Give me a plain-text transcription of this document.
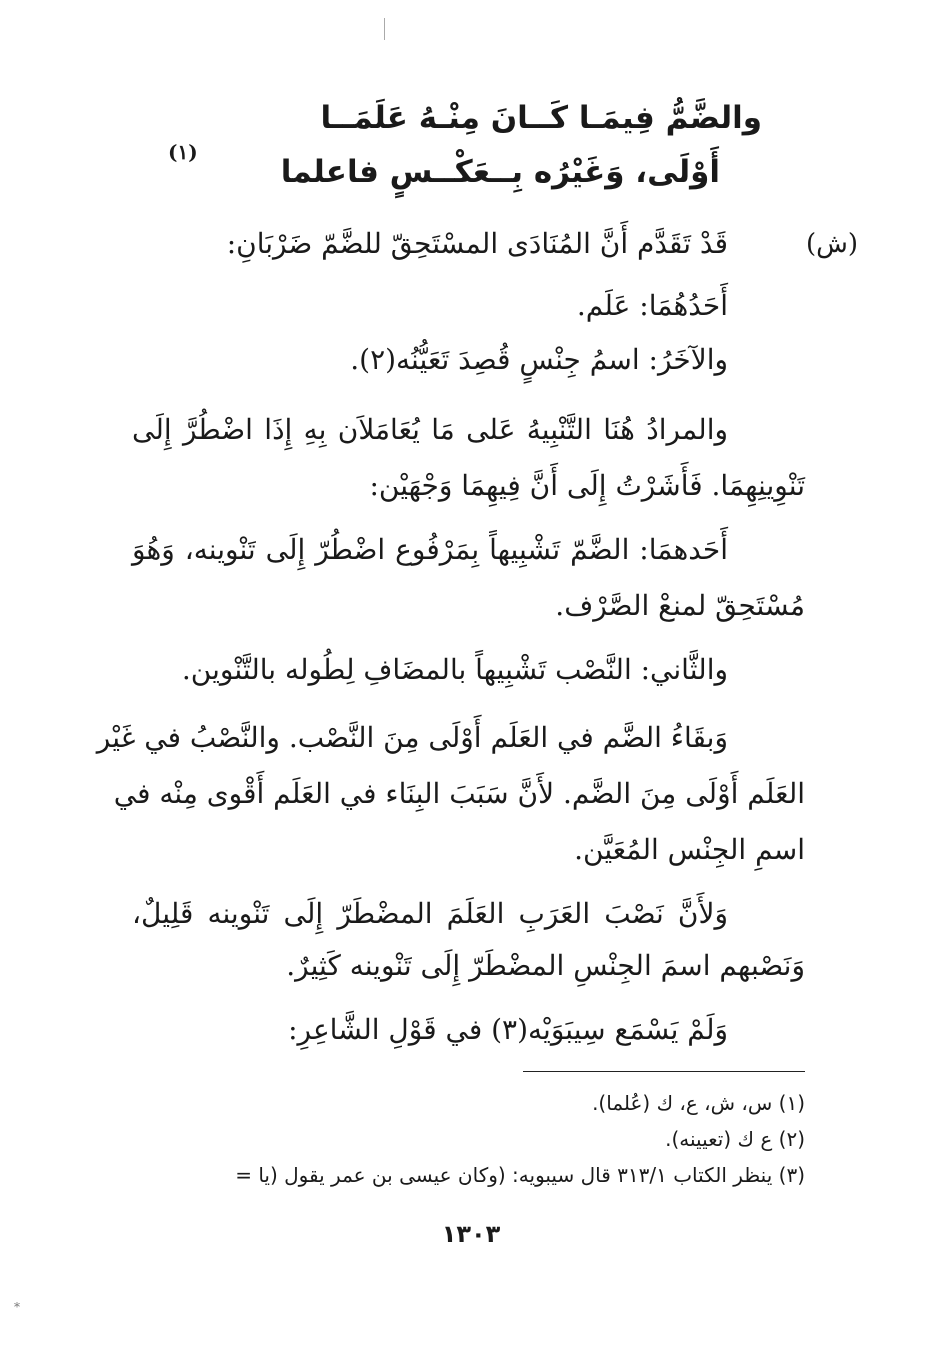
والضَّمُّ فِيمَـا كَــانَ مِنْـهُ عَلَمَــا
أَوْلَى، وَغَيْرُه بِــعَكْــسٍ فاعلما
(١)
(ش)
قَدْ تَقَدَّم أَنَّ المُنَادَى المسْتَحِقّ للضَّمّ ضَرْبَانِ:
أَحَدُهُمَا: عَلَم.
والآخَرُ: اسمُ جِنْسٍ قُصِدَ تَعَيُّنُه(٢).
والمرادُ هُنَا التَّنْبِيهُ عَلى مَا يُعَامَلاَن بِهِ إِذَا اضْطُرَّ إِلَى
تَنْوِينِهِمَا. فَأَشَرْتُ إِلَى أَنَّ فِيهِمَا وَجْهَيْن:
أَحَدهمَا: الضَّمّ تَشْبِيهاً بِمَرْفُوع اضْطُرّ إِلَى تَنْوينه، وَهُوَ
مُسْتَحِقّ لمنعْ الصَّرْف.
والثَّاني: النَّصْب تَشْبِيهاً بالمضَافِ لِطُوله بالتَّنْوين.
وَبقَاءُ الضَّم في العَلَم أَوْلَى مِنَ النَّصْب. والنَّصْبُ في غَيْر
العَلَم أَوْلَى مِنَ الضَّم. لأَنَّ سَبَبَ البِنَاء في العَلَم أَقْوى مِنْه في
اسمِ الجِنْس المُعَيَّن.
وَلأَنَّ نَصْبَ العَرَبِ العَلَمَ المضْطَرّ إِلَى تَنْوينه قَلِيلٌ،
وَنَصْبهم اسمَ الجِنْسِ المضْطَرّ إِلَى تَنْوينه كَثِيرٌ.
وَلَمْ يَسْمَع سِيبَوَيْه(٣) في قَوْلِ الشَّاعِرِ:
(١) س، ش، ع، ك (عُلما).
(٢) ع ك (تعيينه).
(٣) ينظر الكتاب ٣١٣/١ قال سيبويه: (وكان عيسى بن عمر يقول (يا =
١٣٠٣
*
